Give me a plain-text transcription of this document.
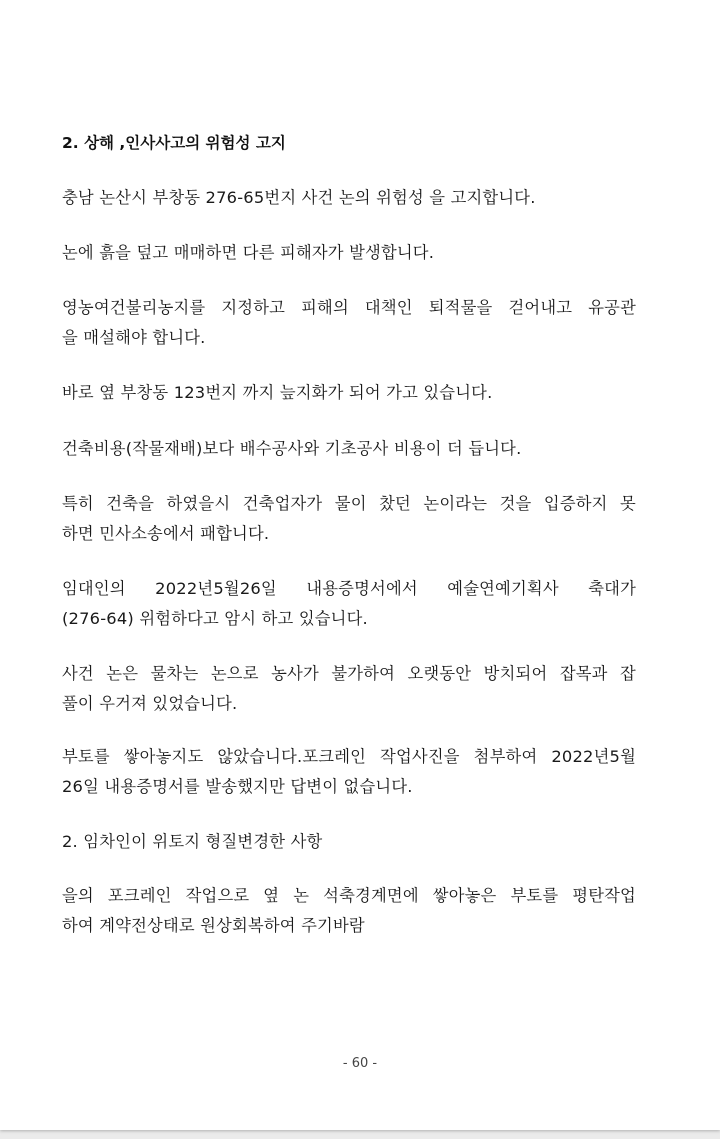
2. 상해 ,인사사고의 위험성 고지
충남 논산시 부창동 276-65번지 사건 논의 위험성 을 고지합니다.
논에 흙을 덮고 매매하면 다른 피해자가 발생합니다.
영농여건불리농지를 지정하고 피해의 대책인 퇴적물을 걷어내고 유공관
을 매설해야 합니다.
바로 옆 부창동 123번지 까지 늪지화가 되어 가고 있습니다.
건축비용(작물재배)보다 배수공사와 기초공사 비용이 더 듭니다.
특히 건축을 하였을시 건축업자가 물이 찼던 논이라는 것을 입증하지 못
하면 민사소송에서 패합니다.
임대인의  2022년5월26일  내용증명서에서  예술연예기획사  축대가
(276-64) 위험하다고 암시 하고 있습니다.
사건 논은 물차는 논으로 농사가 불가하여 오랫동안 방치되어 잡목과 잡
풀이 우거져 있었습니다.
부토를 쌓아놓지도 않았습니다.포크레인 작업사진을 첨부하여 2022년5월
26일 내용증명서를 발송했지만 답변이 없습니다.
2. 임차인이 위토지 형질변경한 사항
을의 포크레인 작업으로 옆 논 석축경계면에 쌓아놓은 부토를 평탄작업
하여 계약전상태로 원상회복하여 주기바람
- 60 -
